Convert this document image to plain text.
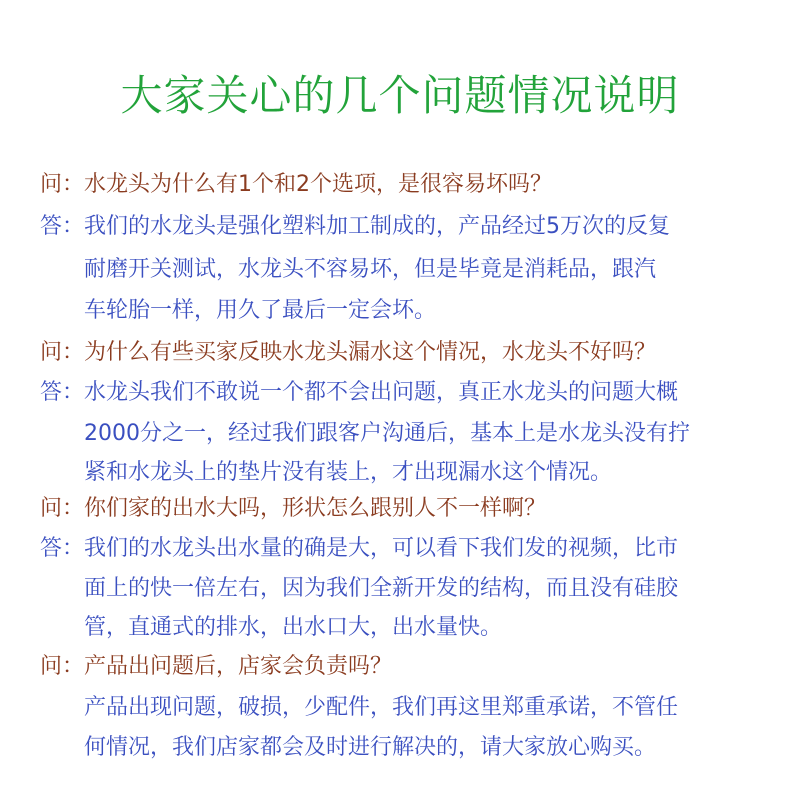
大家关心的几个问题情况说明
问：水龙头为什么有1个和2个选项，是很容易坏吗？
答：我们的水龙头是强化塑料加工制成的，产品经过5万次的反复
耐磨开关测试，水龙头不容易坏，但是毕竟是消耗品，跟汽
车轮胎一样，用久了最后一定会坏。
问：为什么有些买家反映水龙头漏水这个情况，水龙头不好吗？
答：水龙头我们不敢说一个都不会出问题，真正水龙头的问题大概
2000分之一，经过我们跟客户沟通后，基本上是水龙头没有拧
紧和水龙头上的垫片没有装上，才出现漏水这个情况。
问：你们家的出水大吗，形状怎么跟别人不一样啊？
答：我们的水龙头出水量的确是大，可以看下我们发的视频，比市
面上的快一倍左右，因为我们全新开发的结构，而且没有硅胶
管，直通式的排水，出水口大，出水量快。
问：产品出问题后，店家会负责吗？
产品出现问题，破损，少配件，我们再这里郑重承诺，不管任
何情况，我们店家都会及时进行解决的，请大家放心购买。
